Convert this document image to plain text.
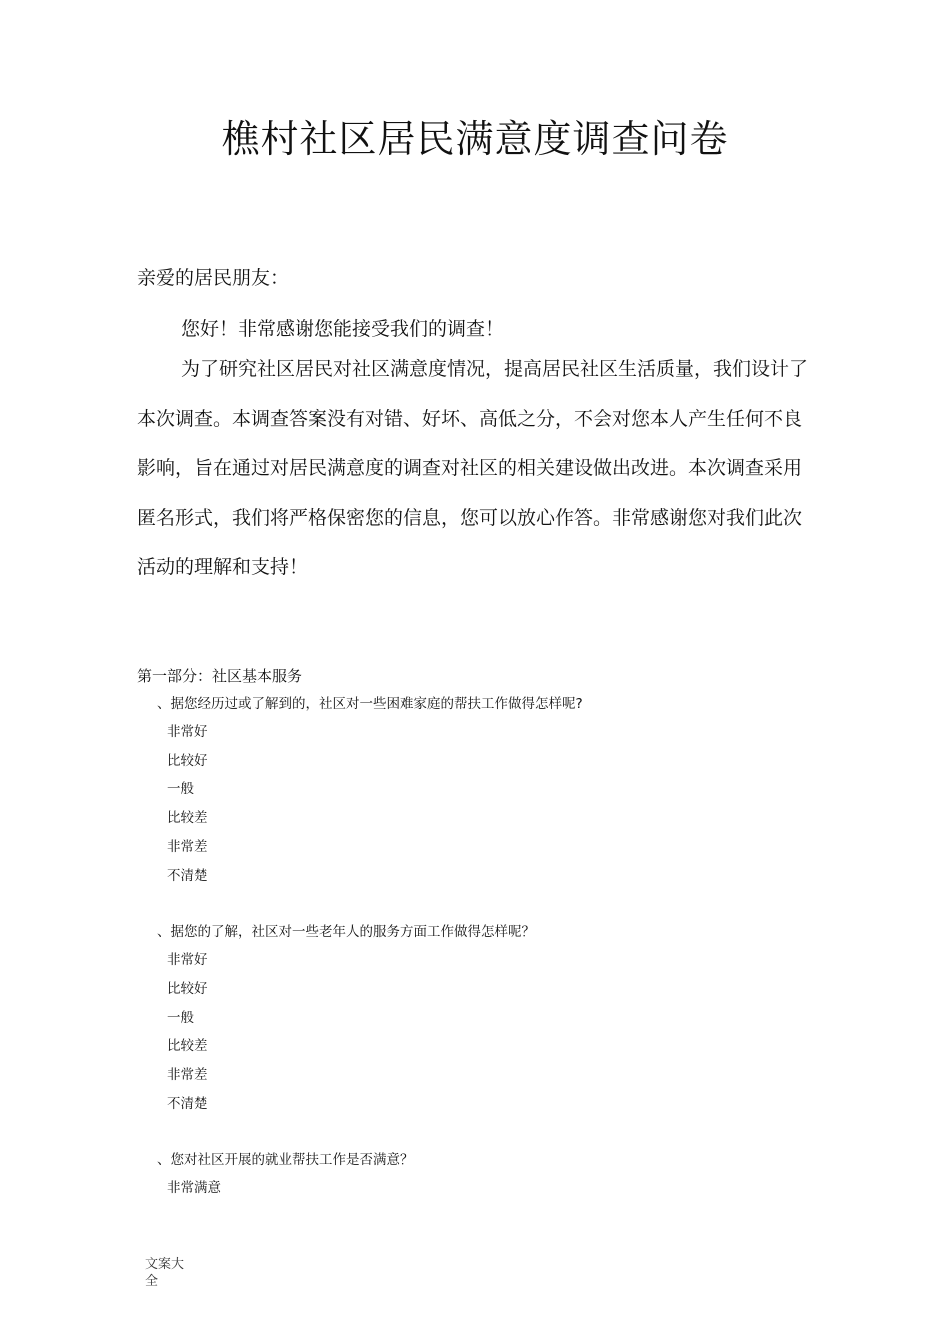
樵村社区居民满意度调查问卷

亲爱的居民朋友：

您好！非常感谢您能接受我们的调查！

为了研究社区居民对社区满意度情况，提高居民社区生活质量，我们设计了本次调查。本调查答案没有对错、好坏、高低之分，不会对您本人产生任何不良影响，旨在通过对居民满意度的调查对社区的相关建设做出改进。本次调查采用匿名形式，我们将严格保密您的信息，您可以放心作答。非常感谢您对我们此次活动的理解和支持！

第一部分：社区基本服务

、据您经历过或了解到的，社区对一些困难家庭的帮扶工作做得怎样呢?

非常好
比较好
一般
比较差
非常差
不清楚

、据您的了解，社区对一些老年人的服务方面工作做得怎样呢？

非常好
比较好
一般
比较差
非常差
不清楚

、您对社区开展的就业帮扶工作是否满意？

非常满意
文案大全
